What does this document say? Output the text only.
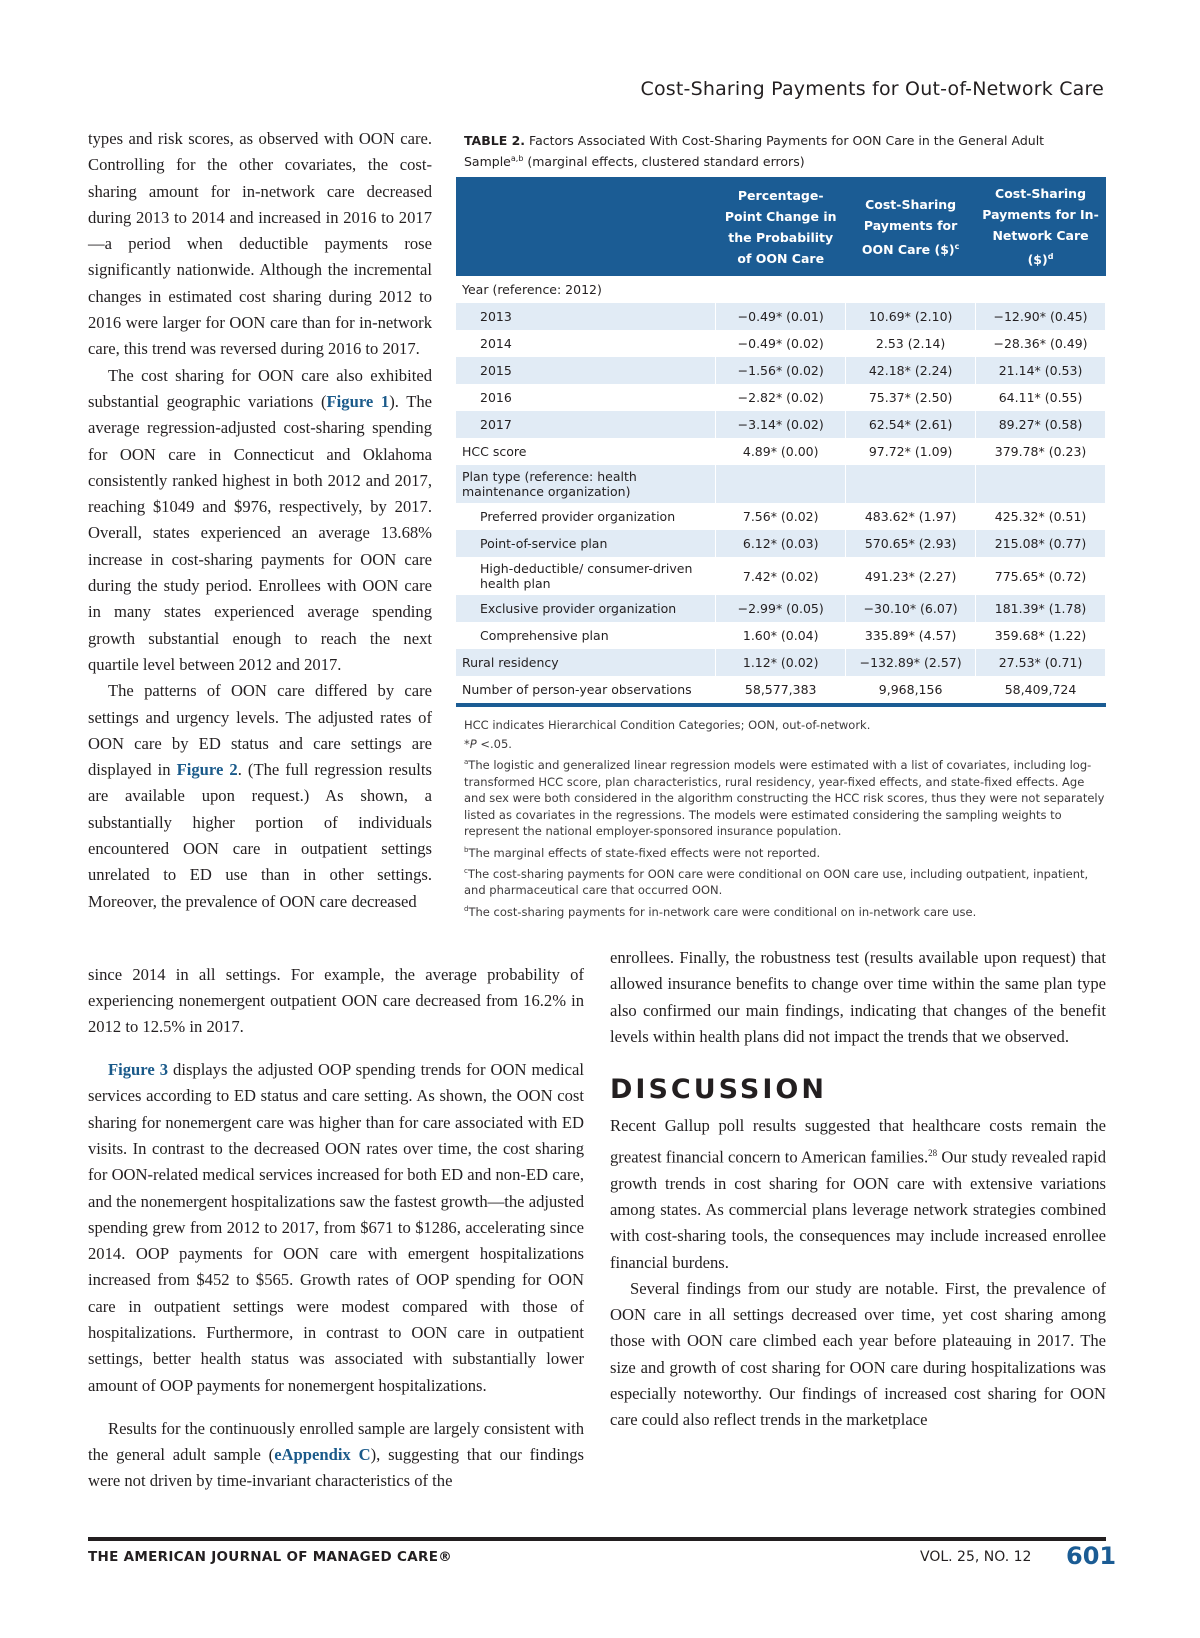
Cost-Sharing Payments for Out-of-Network Care

types and risk scores, as observed with OON care. Controlling for the other covariates, the cost-sharing amount for in-network care decreased during 2013 to 2014 and increased in 2016 to 2017—a period when deductible payments rose significantly nationwide. Although the incremental changes in estimated cost sharing during 2012 to 2016 were larger for OON care than for in-network care, this trend was reversed during 2016 to 2017.

The cost sharing for OON care also exhibited substantial geographic variations (Figure 1). The average regression-adjusted cost-sharing spending for OON care in Connecticut and Oklahoma consistently ranked highest in both 2012 and 2017, reaching $1049 and $976, respectively, by 2017. Overall, states experienced an average 13.68% increase in cost-sharing payments for OON care during the study period. Enrollees with OON care in many states experienced average spending growth substantial enough to reach the next quartile level between 2012 and 2017.

The patterns of OON care differed by care settings and urgency levels. The adjusted rates of OON care by ED status and care settings are displayed in Figure 2. (The full regression results are available upon request.) As shown, a substantially higher portion of individuals encountered OON care in outpatient settings unrelated to ED use than in other settings. Moreover, the prevalence of OON care decreased

TABLE 2. Factors Associated With Cost-Sharing Payments for OON Care in the General Adult Sample$^{a,b}$ (marginal effects, clustered standard errors)
	Percentage-Point Change in the Probability of OON Care	Cost-Sharing Payments for OON Care ($)$^c$	Cost-Sharing Payments for In-Network Care ($)$^d$
Year (reference: 2012)			
2013	−0.49* (0.01)	10.69* (2.10)	−12.90* (0.45)
2014	−0.49* (0.02)	2.53 (2.14)	−28.36* (0.49)
2015	−1.56* (0.02)	42.18* (2.24)	21.14* (0.53)
2016	−2.82* (0.02)	75.37* (2.50)	64.11* (0.55)
2017	−3.14* (0.02)	62.54* (2.61)	89.27* (0.58)
HCC score	4.89* (0.00)	97.72* (1.09)	379.78* (0.23)
Plan type (reference: health maintenance organization)			
Preferred provider organization	7.56* (0.02)	483.62* (1.97)	425.32* (0.51)
Point-of-service plan	6.12* (0.03)	570.65* (2.93)	215.08* (0.77)
High-deductible/ consumer-driven health plan	7.42* (0.02)	491.23* (2.27)	775.65* (0.72)
Exclusive provider organization	−2.99* (0.05)	−30.10* (6.07)	181.39* (1.78)
Comprehensive plan	1.60* (0.04)	335.89* (4.57)	359.68* (1.22)
Rural residency	1.12* (0.02)	−132.89* (2.57)	27.53* (0.71)
Number of person-year observations	58,577,383	9,968,156	58,409,724

HCC indicates Hierarchical Condition Categories; OON, out-of-network.

*P <.05.

$^a$The logistic and generalized linear regression models were estimated with a list of covariates, including log-transformed HCC score, plan characteristics, rural residency, year-fixed effects, and state-fixed effects. Age and sex were both considered in the algorithm constructing the HCC risk scores, thus they were not separately listed as covariates in the regressions. The models were estimated considering the sampling weights to represent the national employer-sponsored insurance population.

$^b$The marginal effects of state-fixed effects were not reported.

$^c$The cost-sharing payments for OON care were conditional on OON care use, including outpatient, inpatient, and pharmaceutical care that occurred OON.

$^d$The cost-sharing payments for in-network care were conditional on in-network care use.

since 2014 in all settings. For example, the average probability of experiencing nonemergent outpatient OON care decreased from 16.2% in 2012 to 12.5% in 2017.

Figure 3 displays the adjusted OOP spending trends for OON medical services according to ED status and care setting. As shown, the OON cost sharing for nonemergent care was higher than for care associated with ED visits. In contrast to the decreased OON rates over time, the cost sharing for OON-related medical services increased for both ED and non-ED care, and the nonemergent hospitalizations saw the fastest growth—the adjusted spending grew from 2012 to 2017, from $671 to $1286, accelerating since 2014. OOP payments for OON care with emergent hospitalizations increased from $452 to $565. Growth rates of OOP spending for OON care in outpatient settings were modest compared with those of hospitalizations. Furthermore, in contrast to OON care in outpatient settings, better health status was associated with substantially lower amount of OOP payments for nonemergent hospitalizations.

Results for the continuously enrolled sample are largely consistent with the general adult sample (eAppendix C), suggesting that our findings were not driven by time-invariant characteristics of the

enrollees. Finally, the robustness test (results available upon request) that allowed insurance benefits to change over time within the same plan type also confirmed our main findings, indicating that changes of the benefit levels within health plans did not impact the trends that we observed.

DISCUSSION

Recent Gallup poll results suggested that healthcare costs remain the greatest financial concern to American families.$^{28}$ Our study revealed rapid growth trends in cost sharing for OON care with extensive variations among states. As commercial plans leverage network strategies combined with cost-sharing tools, the consequences may include increased enrollee financial burdens.

Several findings from our study are notable. First, the prevalence of OON care in all settings decreased over time, yet cost sharing among those with OON care climbed each year before plateauing in 2017. The size and growth of cost sharing for OON care during hospitalizations was especially noteworthy. Our findings of increased cost sharing for OON care could also reflect trends in the marketplace

THE AMERICAN JOURNAL OF MANAGED CARE®	VOL. 25, NO. 12 601
